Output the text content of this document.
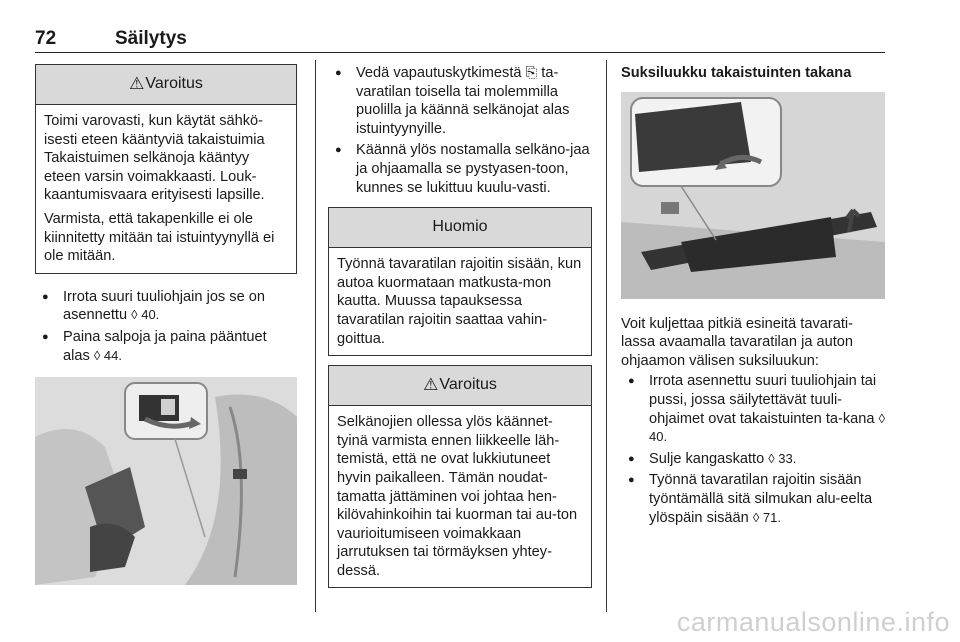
72	Säilytys
⚠ Varoitus

Toimi varovasti, kun käytät sähkö-isesti eteen kääntyviä takaistuimia Takaistuimen selkänoja kääntyy eteen varsin voimakkaasti. Louk-kaantumisvaara erityisesti lapsille.

Varmista, että takapenkille ei ole kiinnitetty mitään tai istuintyynyllä ei ole mitään.

● Irrota suuri tuuliohjain jos se on asennettu ◊ 40.
● Paina salpoja ja paina pääntuet alas ◊ 44.
● Vedä vapautuskytkimestä ⎘ ta-varatilan toisella tai molemmilla puolilla ja käännä selkänojat alas istuintyynyille.
● Käännä ylös nostamalla selkäno-jaa ja ohjaamalla se pystyasen-toon, kunnes se lukittuu kuulu-vasti.
Huomio

Työnnä tavaratilan rajoitin sisään, kun autoa kuormataan matkusta-mon kautta. Muussa tapauksessa tavaratilan rajoitin saattaa vahin-goittua.

⚠ Varoitus

Selkänojien ollessa ylös käännet-tyinä varmista ennen liikkeelle läh-temistä, että ne ovat lukkiutuneet hyvin paikalleen. Tämän noudat-tamatta jättäminen voi johtaa hen-kilövahinkoihin tai kuorman tai au-ton vaurioitumiseen voimakkaan jarrutuksen tai törmäyksen yhtey-dessä.

Suksiluukku takaistuinten takana

Voit kuljettaa pitkiä esineitä tavarati-lassa avaamalla tavaratilan ja auton ohjaamon välisen suksiluukun:

● Irrota asennettu suuri tuuliohjain tai pussi, jossa säilytettävät tuuli-ohjaimet ovat takaistuinten ta-kana ◊ 40.
● Sulje kangaskatto ◊ 33.
● Työnnä tavaratilan rajoitin sisään työntämällä sitä silmukan alu-eelta ylöspäin sisään ◊ 71.
carmanualsonline.info
